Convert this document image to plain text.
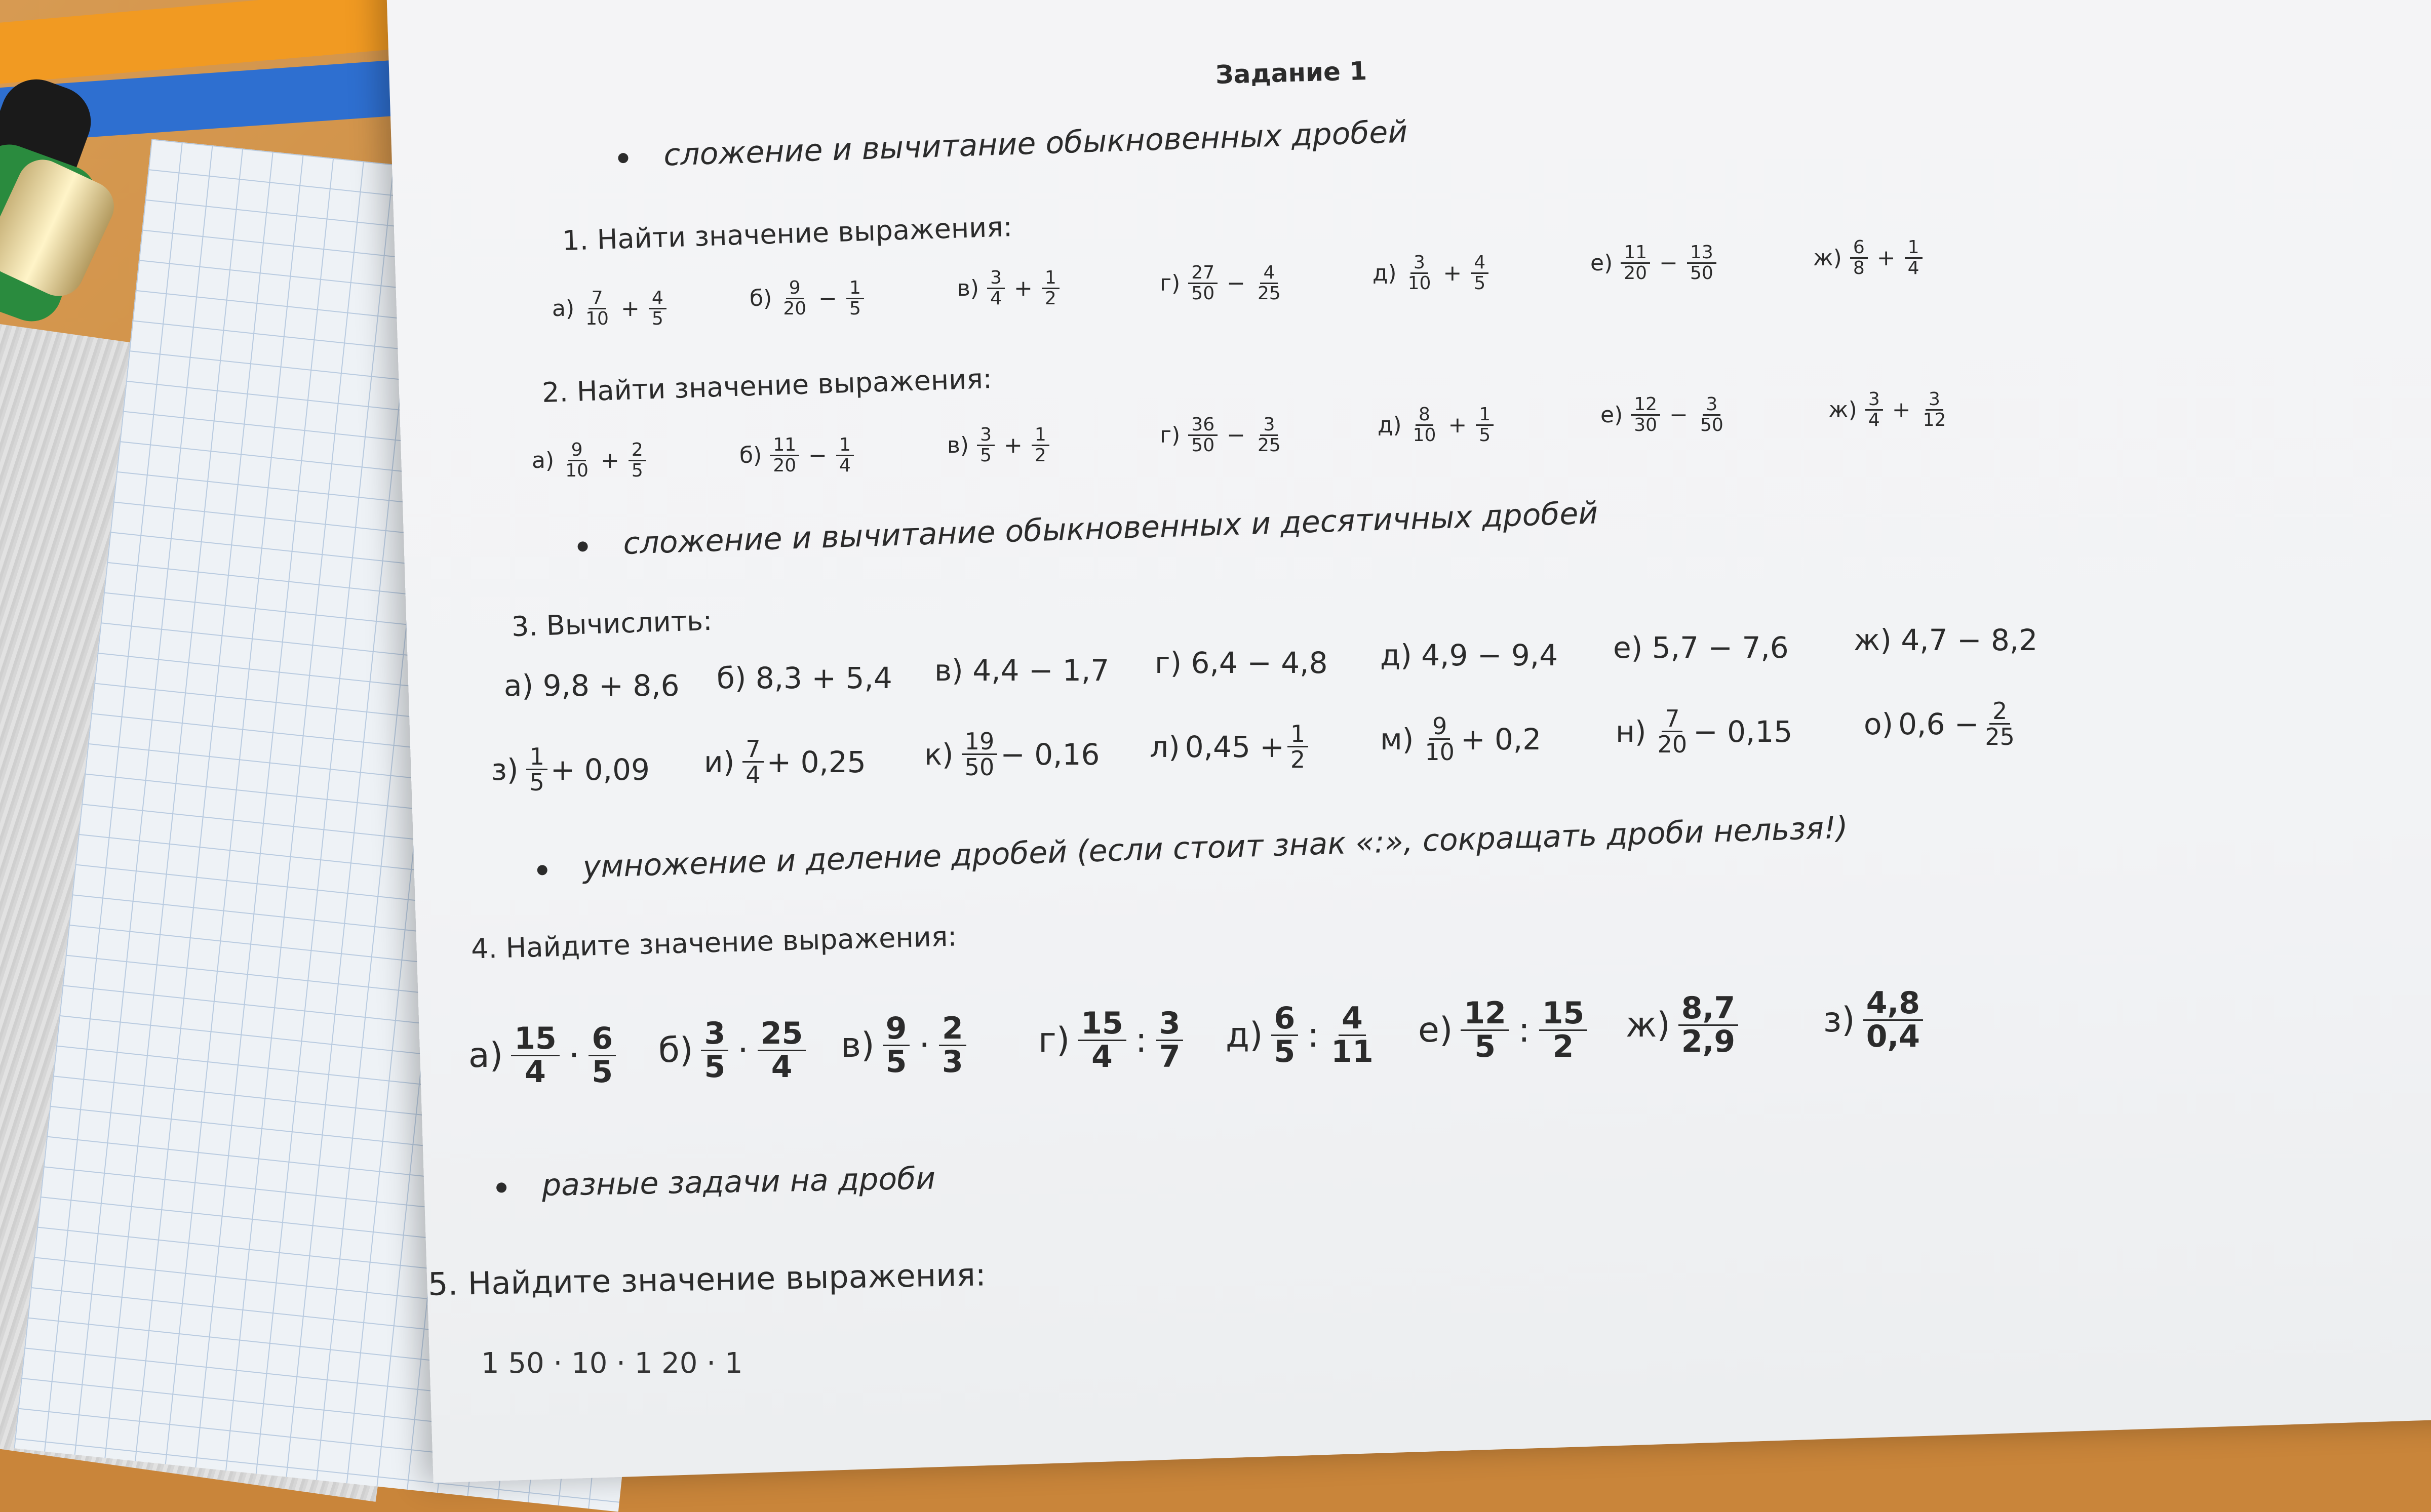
Задание 1
сложение и вычитание обыкновенных дробей
1. Найти значение выражения:
$а) \frac{7}{10} + \frac{4}{5}$	$б) \frac{9}{20} - \frac{1}{5}$	$в) \frac{3}{4} + \frac{1}{2}$	$г) \frac{27}{50} - \frac{4}{25}$	$д) \frac{3}{10} + \frac{4}{5}$	$е) \frac{11}{20} - \frac{13}{50}$	$ж) \frac{6}{8} + \frac{1}{4}$
2. Найти значение выражения:
$а) \frac{9}{10} + \frac{2}{5}$	$б) \frac{11}{20} - \frac{1}{4}$	$в) \frac{3}{5} + \frac{1}{2}$	$г) \frac{36}{50} - \frac{3}{25}$	$д) \frac{8}{10} + \frac{1}{5}$	$е) \frac{12}{30} - \frac{3}{50}$	$ж) \frac{3}{4} + \frac{3}{12}$
сложение и вычитание обыкновенных и десятичных дробей
3. Вычислить:
а) 9,8 + 8,6 б) 8,3 + 5,4 в) 4,4 − 1,7 г) 6,4 − 4,8 д) 4,9 − 9,4 е) 5,7 − 7,6 ж) 4,7 − 8,2
$з) \frac{1}{5} + 0,09$ $и) \frac{7}{4} + 0,25$ $к) \frac{19}{50} - 0,16$ л) $0,45 + \frac{1}{2} м) \frac{9}{10} + 0,2$	$н) \frac{7}{20} - 0,15$ о) $0,6 - \frac{2}{25}$
умножение и деление дробей (если стоит знак «:», сокращать дроби нельзя!)
4. Найдите значение выражения:
$а) \frac{15}{4} \cdot \frac{6}{5} б) \frac{3}{5} \cdot \frac{25}{4} в) \frac{9}{5} \cdot \frac{2}{3} г) \frac{15}{4}$ : $\frac{3}{7} д) \frac{6}{5}$ : $\frac{4}{11} е) \frac{12}{5}$ : $\frac{15}{2} ж) \frac{8,7}{2,9} з) \frac{4,8}{0,4}$
разные задачи на дроби
5. Найдите значение выражения:
1 50 · 10 · 1 20 · 1
